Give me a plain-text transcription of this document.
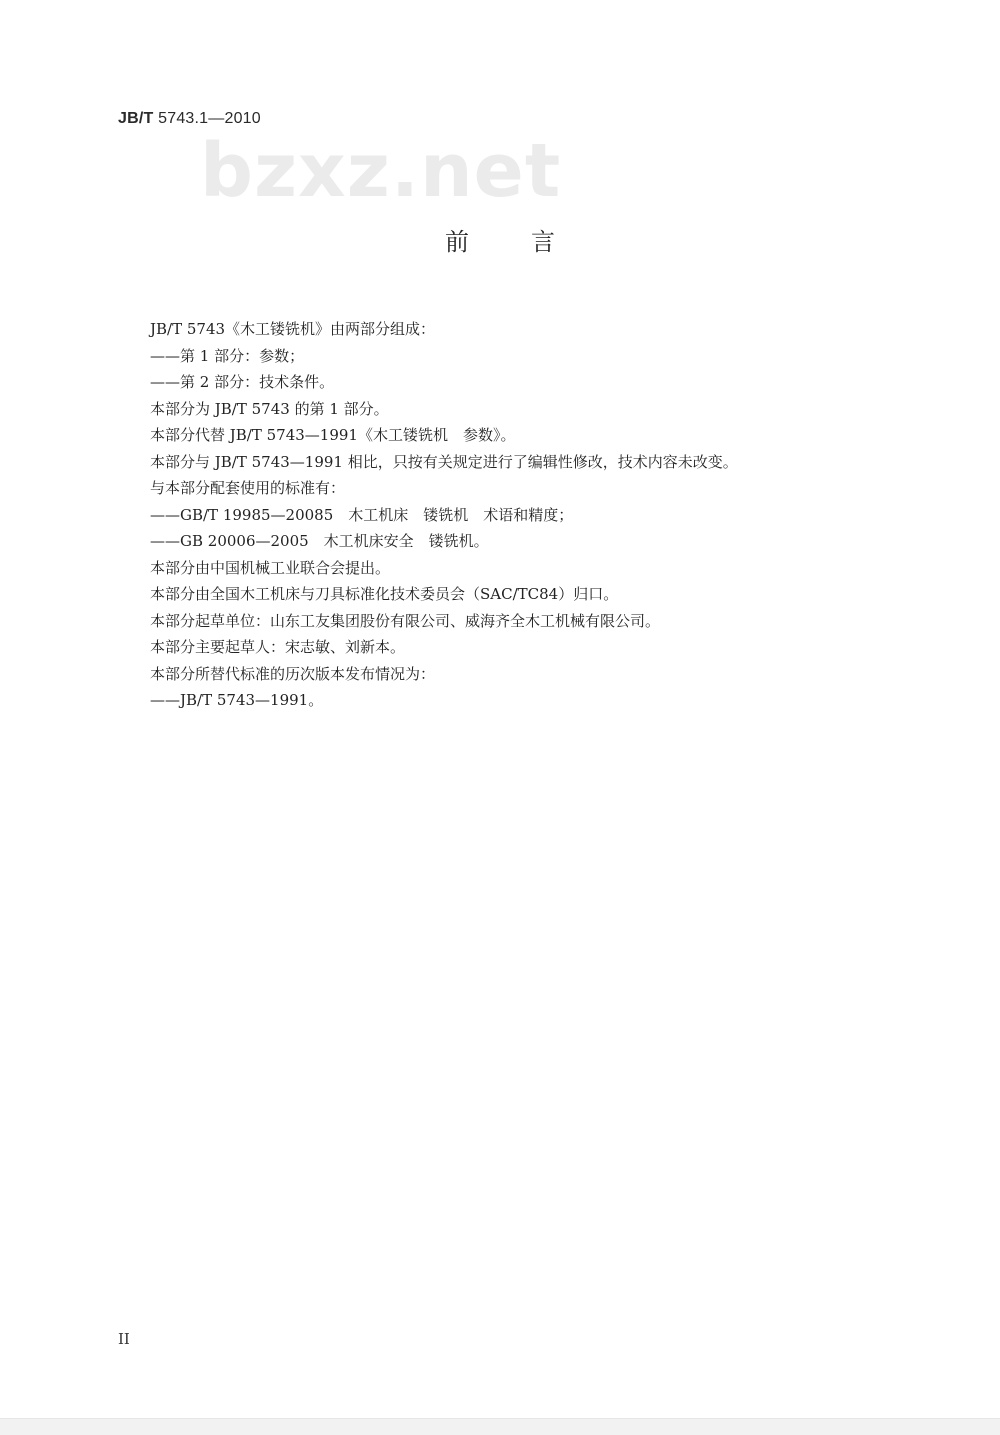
JB/T 5743.1—2010
bzxz.net
前言
JB/T 5743《木工镂铣机》由两部分组成：
——第 1 部分：参数；
——第 2 部分：技术条件。
本部分为 JB/T 5743 的第 1 部分。
本部分代替 JB/T 5743—1991《木工镂铣机　参数》。
本部分与 JB/T 5743—1991 相比，只按有关规定进行了编辑性修改，技术内容未改变。
与本部分配套使用的标准有：
——GB/T 19985—20085　木工机床　镂铣机　术语和精度；
——GB 20006—2005　木工机床安全　镂铣机。
本部分由中国机械工业联合会提出。
本部分由全国木工机床与刀具标准化技术委员会（SAC/TC84）归口。
本部分起草单位：山东工友集团股份有限公司、威海齐全木工机械有限公司。
本部分主要起草人：宋志敏、刘新本。
本部分所替代标准的历次版本发布情况为：
——JB/T 5743—1991。
II
